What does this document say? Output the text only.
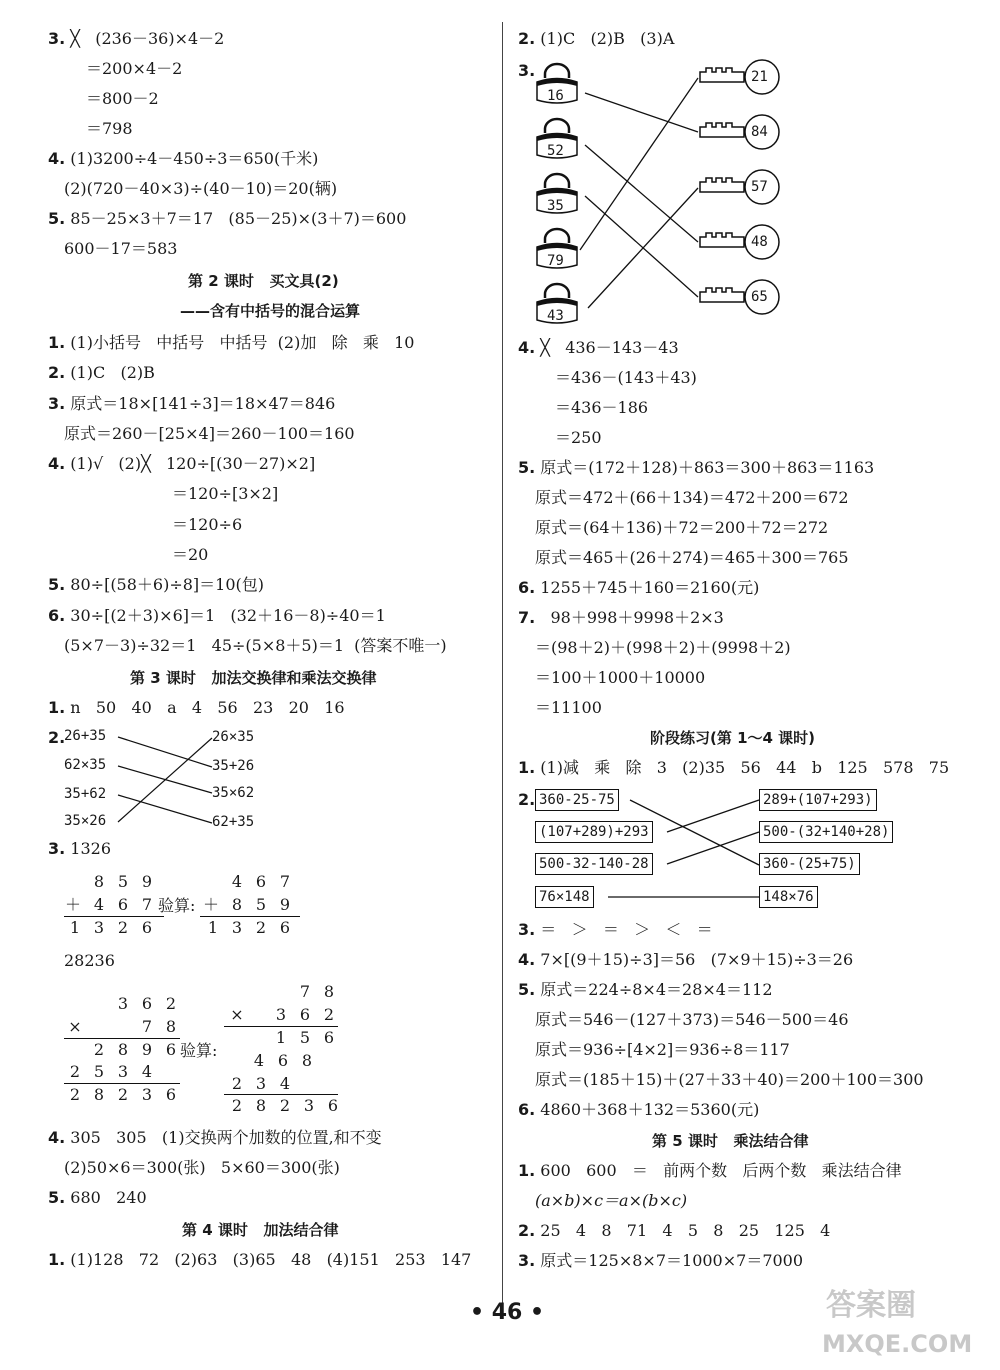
3. ╳   (236－36)×4－2
＝200×4－2
＝800－2
＝798
4. (1)3200÷4－450÷3＝650(千米)
(2)(720－40×3)÷(40－10)＝20(辆)
5. 85－25×3＋7＝17   (85－25)×(3＋7)＝600
600－17＝583
第 2 课时   买文具(2)
——含有中括号的混合运算
1. (1)小括号   中括号   中括号  (2)加   除   乘   10
2. (1)C   (2)B
3. 原式＝18×[141÷3]＝18×47＝846
原式＝260－[25×4]＝260－100＝160
4. (1)√   (2)╳   120÷[(30－27)×2]
＝120÷[3×2]
＝120÷6
＝20
5. 80÷[(58＋6)÷8]＝10(包)
6. 30÷[(2＋3)×6]＝1   (32＋16－8)÷40＝1
(5×7－3)÷32＝1   45÷(5×8＋5)＝1  (答案不唯一)
第 3 课时   加法交换律和乘法交换律
1. n   50   40   a   4   56   23   20   16
2.
26+35
62×35
35+62
35×26
26×35
35+26
35×62
62+35
3. 1326
8 5 9
＋ 4 6 7
1 3 2 6
验算:
4 6 7
＋ 8 5 9
1 3 2 6
28236
3 6 2
×	7 8
2 8 9 6
2 5 3 4
2 8 2 3 6
验算:
7 8
× 3 6 2
1 5 6
4 6 8
2 3 4
2 8 2 3 6
4. 305   305   (1)交换两个加数的位置,和不变
(2)50×6＝300(张)   5×60＝300(张)
5. 680   240
第 4 课时   加法结合律
1. (1)128   72   (2)63   (3)65   48   (4)151   253   147
2. (1)C   (2)B   (3)A
3.
16
52
35
79
43
21
84
57
48
65
4. ╳   436－143－43
＝436－(143＋43)
＝436－186
＝250
5. 原式＝(172＋128)＋863＝300＋863＝1163
原式＝472＋(66＋134)＝472＋200＝672
原式＝(64＋136)＋72＝200＋72＝272
原式＝465＋(26＋274)＝465＋300＝765
6. 1255＋745＋160＝2160(元)
7.   98＋998＋9998＋2×3
＝(98＋2)＋(998＋2)＋(9998＋2)
＝100＋1000＋10000
＝11100
阶段练习(第 1～4 课时)
1. (1)减   乘   除   3   (2)35   56   44   b   125   578   75
2. 360-25-75
(107+289)+293
500-32-140-28
76×148
289+(107+293)
500-(32+140+28)
360-(25+75)
148×76
3. ＝   ＞   ＝   ＞   ＜   ＝
4. 7×[(9＋15)÷3]＝56   (7×9＋15)÷3＝26
5. 原式＝224÷8×4＝28×4＝112
原式＝546－(127＋373)＝546－500＝46
原式＝936÷[4×2]＝936÷8＝117
原式＝(185＋15)＋(27＋33＋40)＝200＋100＝300
6. 4860＋368＋132＝5360(元)
第 5 课时   乘法结合律
1. 600   600   ＝   前两个数   后两个数   乘法结合律
(a×b)×c＝a×(b×c)
2. 25   4   8   71   4   5   8   25   125   4
3. 原式＝125×8×7＝1000×7＝7000
• 46 •	答案圈
MXQE.COM
